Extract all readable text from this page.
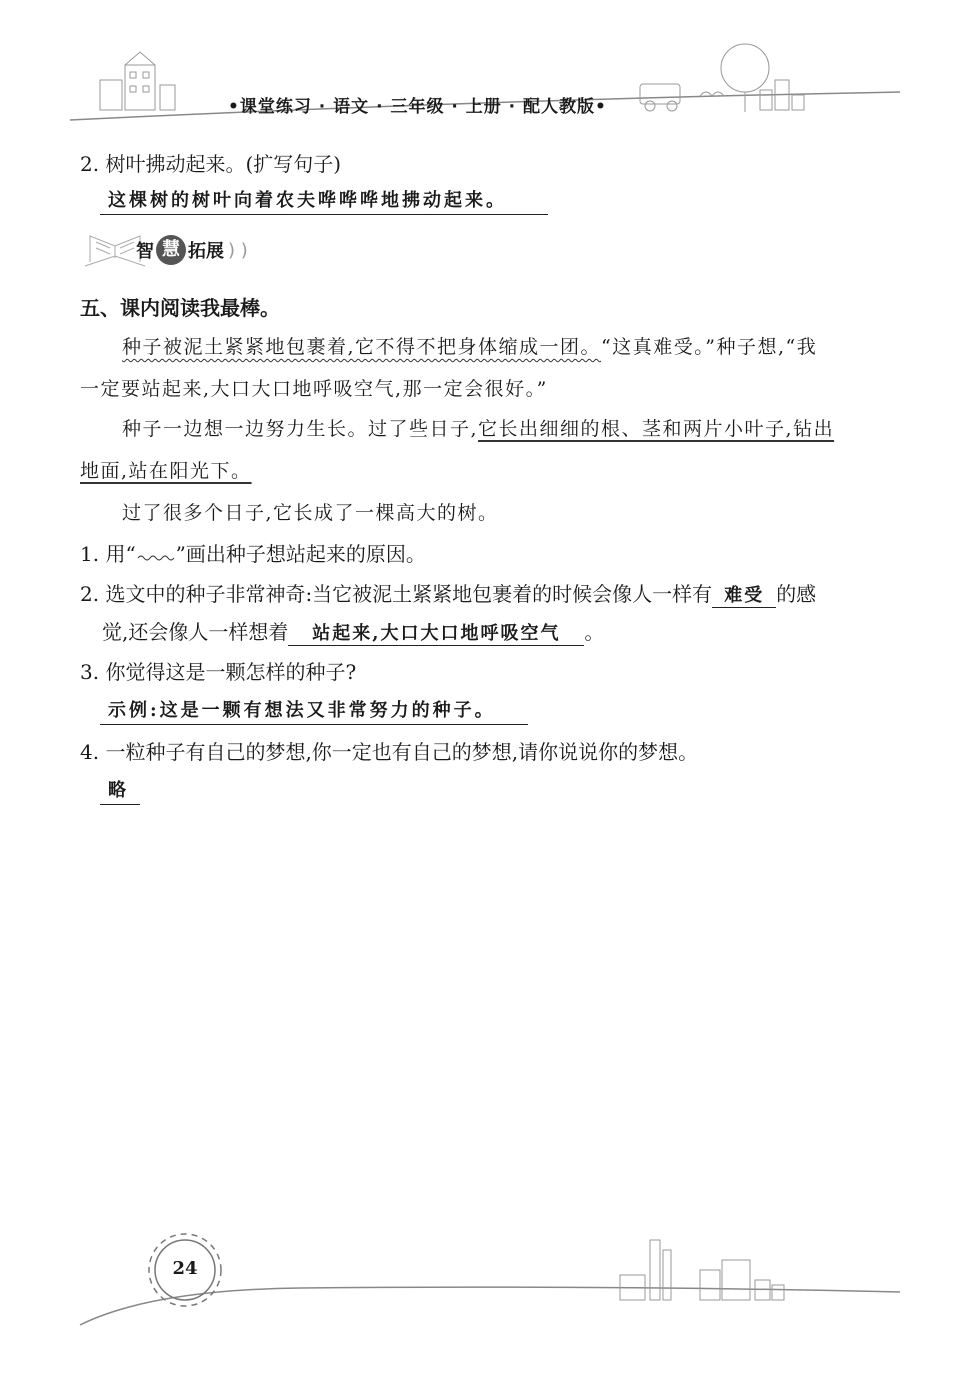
•课堂练习 · 语文 · 三年级 · 上册 · 配人教版•
2. 树叶拂动起来。(扩写句子)
这棵树的树叶向着农夫哗哗哗地拂动起来。
智 慧 拓展 ) )
五、课内阅读我最棒。
种子被泥土紧紧地包裹着,它不得不把身体缩成一团。“这真难受。”种子想,“我
一定要站起来,大口大口地呼吸空气,那一定会很好。”
种子一边想一边努力生长。过了些日子,它长出细细的根、茎和两片小叶子,钻出
地面,站在阳光下。
过了很多个日子,它长成了一棵高大的树。
1. 用“ ”画出种子想站起来的原因。
2. 选文中的种子非常神奇:当它被泥土紧紧地包裹着的时候会像人一样有 难受 的感
觉,还会像人一样想着 站起来,大口大口地呼吸空气 。
3. 你觉得这是一颗怎样的种子?
示例:这是一颗有想法又非常努力的种子。
4. 一粒种子有自己的梦想,你一定也有自己的梦想,请你说说你的梦想。
略
24
